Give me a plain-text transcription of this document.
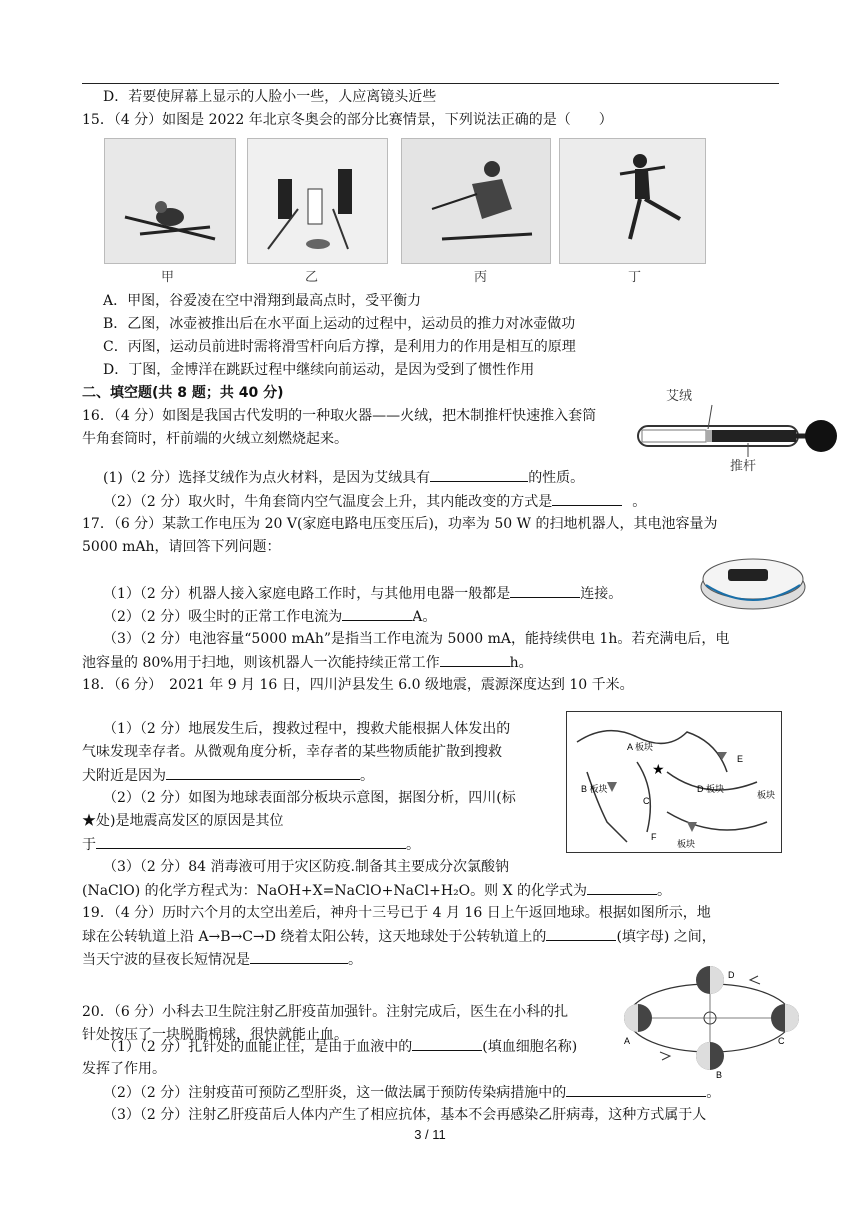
D．若要使屏幕上显示的人脸小一些，人应离镜头近些
15．（4 分）如图是 2022 年北京冬奥会的部分比赛情景，下列说法正确的是（　　）
甲	乙	丙	丁
A．甲图，谷爱凌在空中滑翔到最高点时，受平衡力
B．乙图，冰壶被推出后在水平面上运动的过程中，运动员的推力对冰壶做功
C．丙图，运动员前进时需将滑雪杆向后方撑，是利用力的作用是相互的原理
D．丁图，金博洋在跳跃过程中继续向前运动，是因为受到了惯性作用
二、填空题(共 8 题；共 40 分)
16．（4 分）如图是我国古代发明的一种取火器——火绒，把木制推杆快速推入套筒
牛角套筒时，杆前端的火绒立刻燃烧起来。
艾绒
推杆
(1)（2 分）选择艾绒作为点火材料，是因为艾绒具有	的性质。
（2）（2 分）取火时，牛角套筒内空气温度会上升，其内能改变的方式是	。
17．（6 分）某款工作电压为 20 V(家庭电路电压变压后)，功率为 50 W 的扫地机器人，其电池容量为
5000 mAh，请回答下列问题：
（1）（2 分）机器人接入家庭电路工作时，与其他用电器一般都是	连接。
（2）（2 分）吸尘时的正常工作电流为	A。
（3）（2 分）电池容量“5000 mAh”是指当工作电流为 5000 mA，能持续供电 1h。若充满电后，电
池容量的 80%用于扫地，则该机器人一次能持续正常工作	h。
18．（6 分）　2021 年 9 月 16 日，四川泸县发生 6.0 级地震，震源深度达到 10 千米。
（1）（2 分）地展发生后，搜救过程中，搜救犬能根据人体发出的
气味发现幸存者。从微观角度分析，幸存者的某些物质能扩散到搜救
犬附近是因为	。
（2）（2 分）如图为地球表面部分板块示意图，据图分析，四川(标
★处)是地震高发区的原因是其位
于	。
（3）（2 分）84 消毒液可用于灾区防疫.制备其主要成分次氯酸钠
(NaClO) 的化学方程式为：NaOH+X=NaClO+NaCl+H₂O。则 X 的化学式为	。
★
A 板块
B 板块
C
D 板块
E
F
板块
板块
19．（4 分）历时六个月的太空出差后，神舟十三号已于 4 月 16 日上午返回地球。根据如图所示，地
球在公转轨道上沿 A→B→C→D 绕着太阳公转，这天地球处于公转轨道上的	(填字母) 之间，
当天宁波的昼夜长短情况是	。
20．（6 分）小科去卫生院注射乙肝疫苗加强针。注射完成后，医生在小科的扎
针处按压了一块脱脂棉球，很快就能止血。
（1）（2 分）扎针处的血能止住，是由于血液中的	(填血细胞名称)
发挥了作用。
（2）（2 分）注射疫苗可预防乙型肝炎，这一做法属于预防传染病措施中的	。
（3）（2 分）注射乙肝疫苗后人体内产生了相应抗体，基本不会再感染乙肝病毒，这种方式属于人
A
B
C
D
3 / 11
